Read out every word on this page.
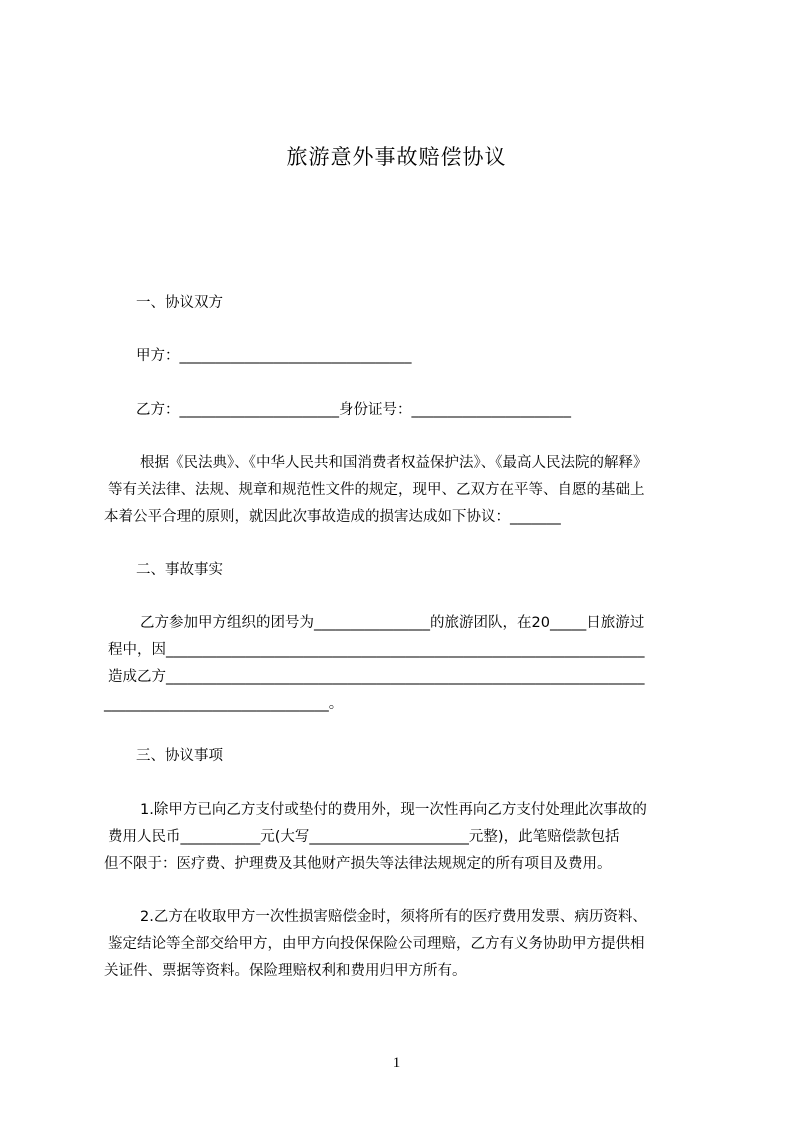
旅游意外事故赔偿协议
一、协议双方
甲方：________________________________
乙方：______________________身份证号：______________________
根据《民法典》、《中华人民共和国消费者权益保护法》、《最高人民法院的解释》
等有关法律、法规、规章和规范性文件的规定，现甲、乙双方在平等、自愿的基础上
本着公平合理的原则，就因此次事故造成的损害达成如下协议：_______
二、事故事实
乙方参加甲方组织的团号为________________的旅游团队，在20_____日旅游过
程中，因__________________________________________________________________
造成乙方__________________________________________________________________
_______________________________。
三、协议事项
1.除甲方已向乙方支付或垫付的费用外，现一次性再向乙方支付处理此次事故的
费用人民币___________元(大写______________________元整)，此笔赔偿款包括
但不限于：医疗费、护理费及其他财产损失等法律法规规定的所有项目及费用。
2.乙方在收取甲方一次性损害赔偿金时，须将所有的医疗费用发票、病历资料、
鉴定结论等全部交给甲方，由甲方向投保保险公司理赔，乙方有义务协助甲方提供相
关证件、票据等资料。保险理赔权利和费用归甲方所有。
1
